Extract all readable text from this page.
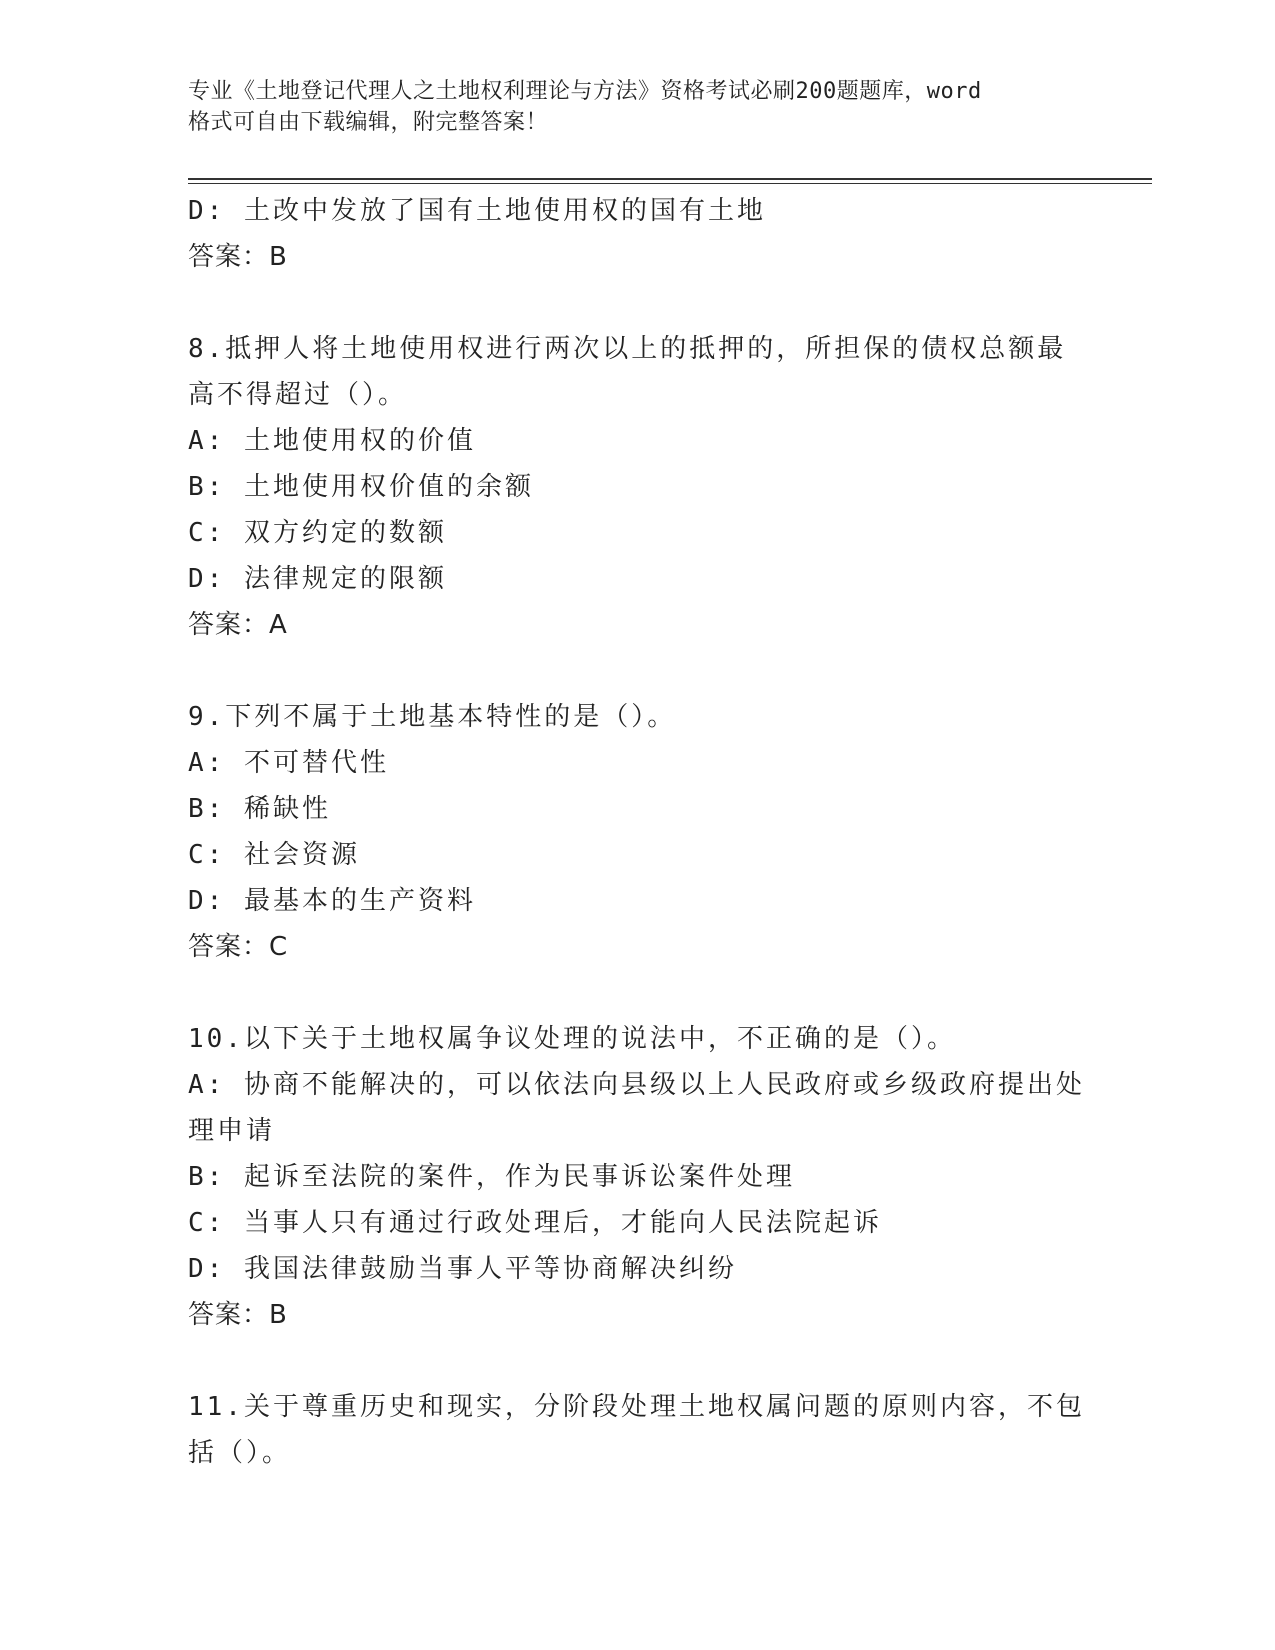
专业《土地登记代理人之土地权利理论与方法》资格考试必刷200题题库，word
格式可自由下载编辑，附完整答案！
D: 土改中发放了国有土地使用权的国有土地
答案：B
8.抵押人将土地使用权进行两次以上的抵押的，所担保的债权总额最
高不得超过（）。
A: 土地使用权的价值
B: 土地使用权价值的余额
C: 双方约定的数额
D: 法律规定的限额
答案：A
9.下列不属于土地基本特性的是（）。
A: 不可替代性
B: 稀缺性
C: 社会资源
D: 最基本的生产资料
答案：C
10.以下关于土地权属争议处理的说法中，不正确的是（）。
A: 协商不能解决的，可以依法向县级以上人民政府或乡级政府提出处
理申请
B: 起诉至法院的案件，作为民事诉讼案件处理
C: 当事人只有通过行政处理后，才能向人民法院起诉
D: 我国法律鼓励当事人平等协商解决纠纷
答案：B
11.关于尊重历史和现实，分阶段处理土地权属问题的原则内容，不包
括（）。
